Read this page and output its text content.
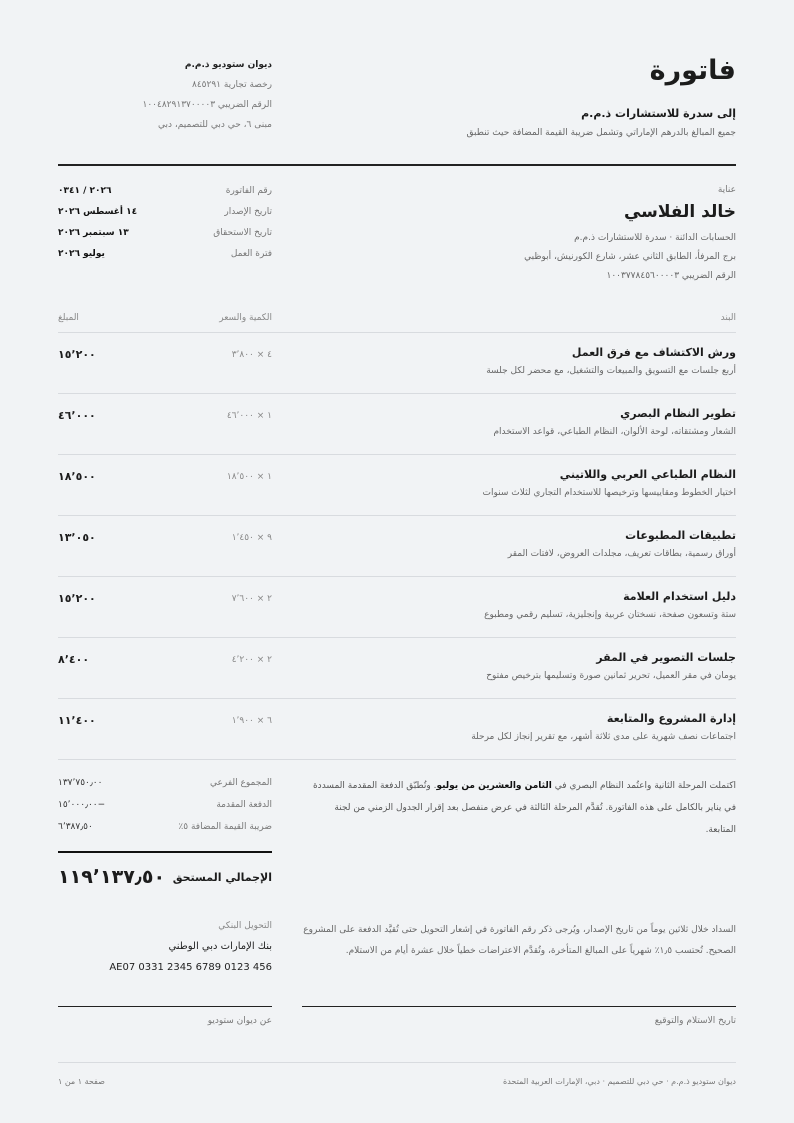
فاتورة
إلى سدرة للاستشارات ذ.م.م
جميع المبالغ بالدرهم الإماراتي وتشمل ضريبة القيمة المضافة حيث تنطبق
ديوان ستوديو ذ.م.م
رخصة تجارية ٨٤٥٢٩١
الرقم الضريبي ١٠٠٤٨٢٩١٣٧٠٠٠٠٣
مبنى ٦، حي دبي للتصميم، دبي
عناية
خالد الفلاسي
الحسابات الدائنة · سدرة للاستشارات ذ.م.م
برج المرفأ، الطابق الثاني عشر، شارع الكورنيش، أبوظبي
الرقم الضريبي ١٠٠٣٧٧٨٤٥٦٠٠٠٠٣
رقم الفاتورة
٢٠٢٦ / ٠٣٤١
تاريخ الإصدار
١٤ أغسطس ٢٠٢٦
تاريخ الاستحقاق
١٣ سبتمبر ٢٠٢٦
فترة العمل
يوليو ٢٠٢٦
البند
الكمية والسعر
المبلغ
ورش الاكتشاف مع فرق العمل
أربع جلسات مع التسويق والمبيعات والتشغيل، مع محضر لكل جلسة
٤ × ٣٬٨٠٠
١٥٬٢٠٠
تطوير النظام البصري
الشعار ومشتقاته، لوحة الألوان، النظام الطباعي، قواعد الاستخدام
١ × ٤٦٬٠٠٠
٤٦٬٠٠٠
النظام الطباعي العربي واللاتيني
اختيار الخطوط ومقاييسها وترخيصها للاستخدام التجاري لثلاث سنوات
١ × ١٨٬٥٠٠
١٨٬٥٠٠
تطبيقات المطبوعات
أوراق رسمية، بطاقات تعريف، مجلدات العروض، لافتات المقر
٩ × ١٬٤٥٠
١٣٬٠٥٠
دليل استخدام العلامة
ستة وتسعون صفحة، نسختان عربية وإنجليزية، تسليم رقمي ومطبوع
٢ × ٧٬٦٠٠
١٥٬٢٠٠
جلسات التصوير في المقر
يومان في مقر العميل، تحرير ثمانين صورة وتسليمها بترخيص مفتوح
٢ × ٤٬٢٠٠
٨٬٤٠٠
إدارة المشروع والمتابعة
اجتماعات نصف شهرية على مدى ثلاثة أشهر، مع تقرير إنجاز لكل مرحلة
٦ × ١٬٩٠٠
١١٬٤٠٠
اكتملت المرحلة الثانية واعتُمد النظام البصري في الثامن والعشرين من يوليو. وتُطبّق الدفعة المقدمة المسددة في يناير بالكامل على هذه الفاتورة. تُقدَّم المرحلة الثالثة في عرض منفصل بعد إقرار الجدول الزمني من لجنة المتابعة.
المجموع الفرعي
١٣٧٬٧٥٠٫٠٠
الدفعة المقدمة
−١٥٬٠٠٠٫٠٠
ضريبة القيمة المضافة ٥٪
٦٬٣٨٧٫٥٠
الإجمالي المستحق
١١٩٬١٣٧٫٥٠
السداد خلال ثلاثين يوماً من تاريخ الإصدار، ويُرجى ذكر رقم الفاتورة في إشعار التحويل حتى تُقيَّد الدفعة على المشروع الصحيح. تُحتسب ١٫٥٪ شهرياً على المبالغ المتأخرة، وتُقدَّم الاعتراضات خطياً خلال عشرة أيام من الاستلام.
التحويل البنكي
بنك الإمارات دبي الوطني
AE07 0331 2345 6789 0123 456
تاريخ الاستلام والتوقيع
عن ديوان ستوديو
ديوان ستوديو ذ.م.م · حي دبي للتصميم · دبي، الإمارات العربية المتحدة
صفحة ١ من ١
